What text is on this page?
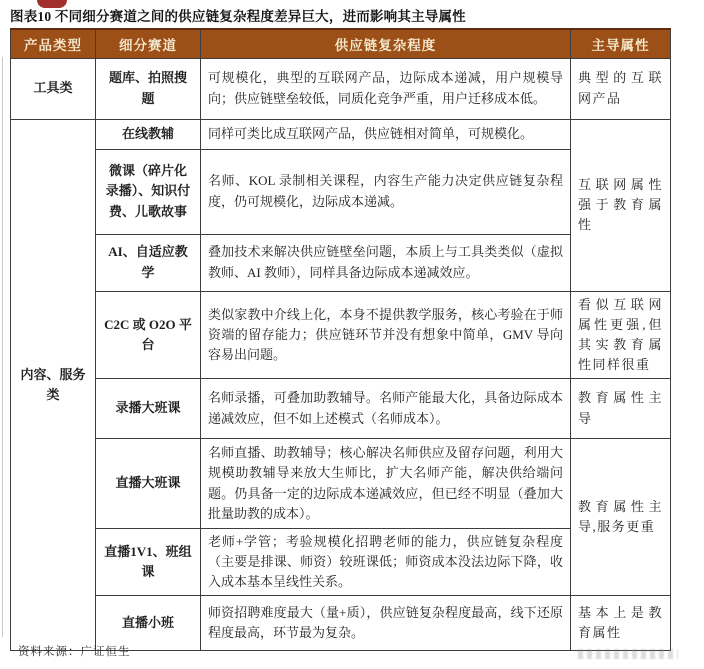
图表10 不同细分赛道之间的供应链复杂程度差异巨大，进而影响其主导属性
产品类型	细分赛道	供应链复杂程度	主导属性
工具类	题库、拍照搜题	可规模化，典型的互联网产品，边际成本递减，用户规模导向；供应链壁垒较低，同质化竞争严重，用户迁移成本低。	典型的互联网产品
内容、服务类	在线教辅	同样可类比成互联网产品，供应链相对简单，可规模化。	互联网属性强于教育属性
	微课（碎片化录播）、知识付费、儿歌故事	名师、KOL 录制相关课程，内容生产能力决定供应链复杂程度，仍可规模化，边际成本递减。	
	AI、自适应教学	叠加技术来解决供应链壁垒问题，本质上与工具类类似（虚拟教师、AI 教师），同样具备边际成本递减效应。	
	C2C 或 O2O 平台	类似家教中介线上化，本身不提供教学服务，核心考验在于师资端的留存能力；供应链环节并没有想象中简单，GMV 导向容易出问题。	看似互联网属性更强,但其实教育属性同样很重
	录播大班课	名师录播，可叠加助教辅导。名师产能最大化，具备边际成本递减效应，但不如上述模式（名师成本）。	教育属性主导
	直播大班课	名师直播、助教辅导；核心解决名师供应及留存问题，利用大规模助教辅导来放大生师比，扩大名师产能，解决供给端问题。仍具备一定的边际成本递减效应，但已经不明显（叠加大批量助教的成本）。	教育属性主导,服务更重
	直播1V1、班组课	老师+学管；考验规模化招聘老师的能力，供应链复杂程度（主要是排课、师资）较班课低；师资成本没法边际下降，收入成本基本呈线性关系。	
	直播小班	师资招聘难度最大（量+质），供应链复杂程度最高，线下还原程度最高，环节最为复杂。	基本上是教育属性
资料来源：广证恒生
